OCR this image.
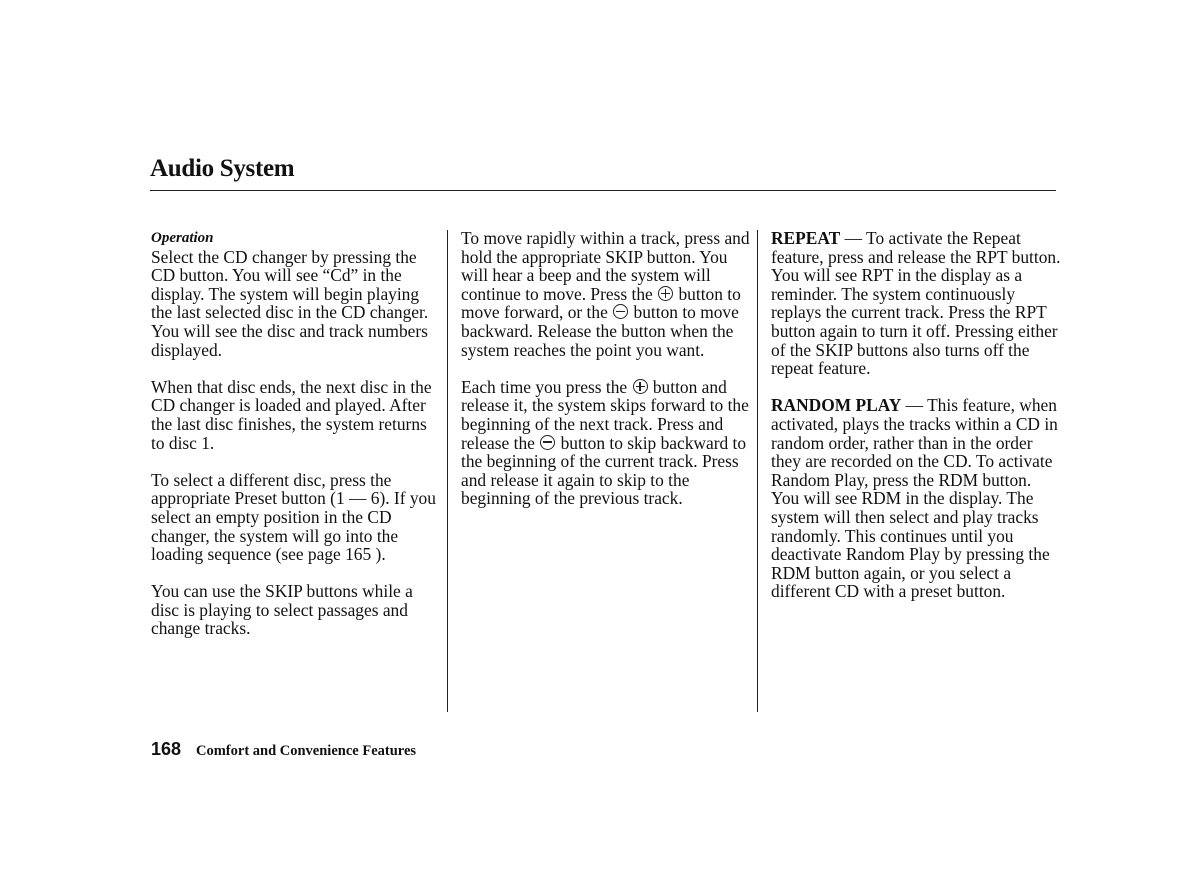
Audio System
Operation

Select the CD changer by pressing the CD button. You will see “Cd” in the display. The system will begin playing the last selected disc in the CD changer. You will see the disc and track numbers displayed.

When that disc ends, the next disc in the CD changer is loaded and played. After the last disc finishes, the system returns to disc 1.

To select a different disc, press the appropriate Preset button (1 — 6). If you select an empty position in the CD changer, the system will go into the loading sequence (see page 165 ).

You can use the SKIP buttons while a disc is playing to select passages and change tracks.

To move rapidly within a track, press and hold the appropriate SKIP button. You will hear a beep and the system will continue to move. Press the button to move forward, or the button to move backward. Release the button when the system reaches the point you want.

Each time you press the button and release it, the system skips forward to the beginning of the next track. Press and release the button to skip backward to the beginning of the current track. Press and release it again to skip to the beginning of the previous track.

REPEAT — To activate the Repeat feature, press and release the RPT button. You will see RPT in the display as a reminder. The system continuously replays the current track. Press the RPT button again to turn it off. Pressing either of the SKIP buttons also turns off the repeat feature.

RANDOM PLAY — This feature, when activated, plays the tracks within a CD in random order, rather than in the order they are recorded on the CD. To activate Random Play, press the RDM button. You will see RDM in the display. The system will then select and play tracks randomly. This continues until you deactivate Random Play by pressing the RDM button again, or you select a different CD with a preset button.

168 Comfort and Convenience Features
